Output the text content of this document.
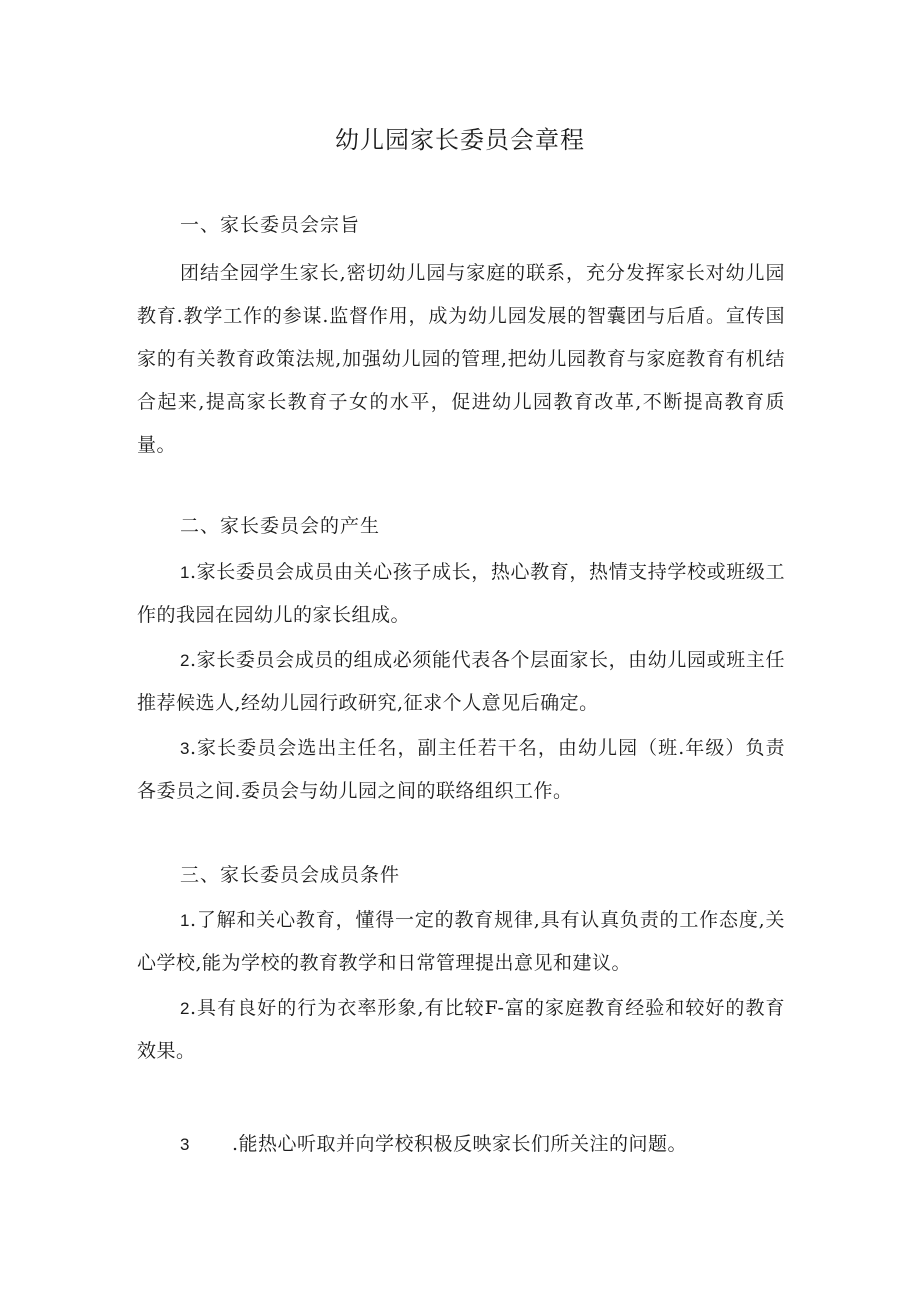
幼儿园家长委员会章程
一、家长委员会宗旨
团结全园学生家长,密切幼儿园与家庭的联系，充分发挥家长对幼儿园教育.教学工作的参谋.监督作用，成为幼儿园发展的智囊团与后盾。宣传国家的有关教育政策法规,加强幼儿园的管理,把幼儿园教育与家庭教育有机结合起来,提高家长教育子女的水平，促进幼儿园教育改革,不断提高教育质量。
二、家长委员会的产生
1.家长委员会成员由关心孩子成长，热心教育，热情支持学校或班级工作的我园在园幼儿的家长组成。
2.家长委员会成员的组成必须能代表各个层面家长，由幼儿园或班主任推荐候选人,经幼儿园行政研究,征求个人意见后确定。
3.家长委员会选出主任名，副主任若干名，由幼儿园（班.年级）负责各委员之间.委员会与幼儿园之间的联络组织工作。
三、家长委员会成员条件
1.了解和关心教育，懂得一定的教育规律,具有认真负责的工作态度,关心学校,能为学校的教育教学和日常管理提出意见和建议。
2.具有良好的行为衣率形象,有比较F-富的家庭教育经验和较好的教育效果。
3 .能热心听取并向学校积极反映家长们所关注的问题。
